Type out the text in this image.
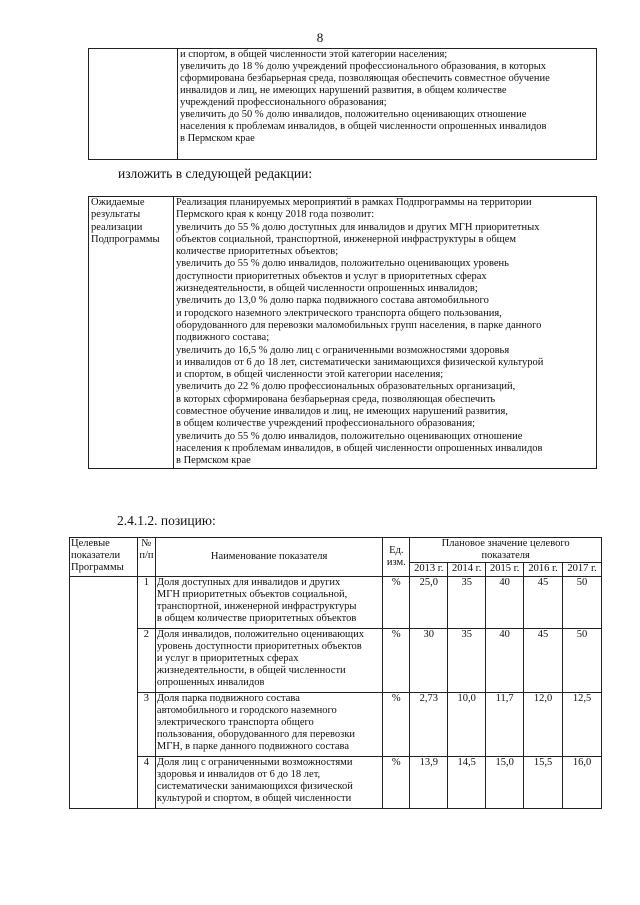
8
	и спортом, в общей численности этой категории населения;
увеличить до 18 % долю учреждений профессионального образования, в которых
сформирована безбарьерная среда, позволяющая обеспечить совместное обучение
инвалидов и лиц, не имеющих нарушений развития, в общем количестве
учреждений профессионального образования;
увеличить до 50 % долю инвалидов, положительно оценивающих отношение
населения к проблемам инвалидов, в общей численности опрошенных инвалидов
в Пермском крае
изложить в следующей редакции:
Ожидаемые
результаты
реализации
Подпрограммы	Реализация планируемых мероприятий в рамках Подпрограммы на территории
Пермского края к концу 2018 года позволит:
увеличить до 55 % долю доступных для инвалидов и других МГН приоритетных
объектов социальной, транспортной, инженерной инфраструктуры в общем
количестве приоритетных объектов;
увеличить до 55 % долю инвалидов, положительно оценивающих уровень
доступности приоритетных объектов и услуг в приоритетных сферах
жизнедеятельности, в общей численности опрошенных инвалидов;
увеличить до 13,0 % долю парка подвижного состава автомобильного
и городского наземного электрического транспорта общего пользования,
оборудованного для перевозки маломобильных групп населения, в парке данного
подвижного состава;
увеличить до 16,5 % долю лиц с ограниченными возможностями здоровья
и инвалидов от 6 до 18 лет, систематически занимающихся физической культурой
и спортом, в общей численности этой категории населения;
увеличить до 22 % долю профессиональных образовательных организаций,
в которых сформирована безбарьерная среда, позволяющая обеспечить
совместное обучение инвалидов и лиц, не имеющих нарушений развития,
в общем количестве учреждений профессионального образования;
увеличить до 55 % долю инвалидов, положительно оценивающих отношение
населения к проблемам инвалидов, в общей численности опрошенных инвалидов
в Пермском крае
2.4.1.2. позицию:
Целевые
показатели
Программы	№
п/п	Наименование показателя	Ед.
изм.	Плановое значение целевого
показателя				
				2013 г.	2014 г.	2015 г.	2016 г.	2017 г.
	1	Доля доступных для инвалидов и других
МГН приоритетных объектов социальной,
транспортной, инженерной инфраструктуры
в общем количестве приоритетных объектов	%	25,0	35	40	45	50
	2	Доля инвалидов, положительно оценивающих
уровень доступности приоритетных объектов
и услуг в приоритетных сферах
жизнедеятельности, в общей численности
опрошенных инвалидов	%	30	35	40	45	50
	3	Доля парка подвижного состава
автомобильного и городского наземного
электрического транспорта общего
пользования, оборудованного для перевозки
МГН, в парке данного подвижного состава	%	2,73	10,0	11,7	12,0	12,5
	4	Доля лиц с ограниченными возможностями
здоровья и инвалидов от 6 до 18 лет,
систематически занимающихся физической
культурой и спортом, в общей численности	%	13,9	14,5	15,0	15,5	16,0
